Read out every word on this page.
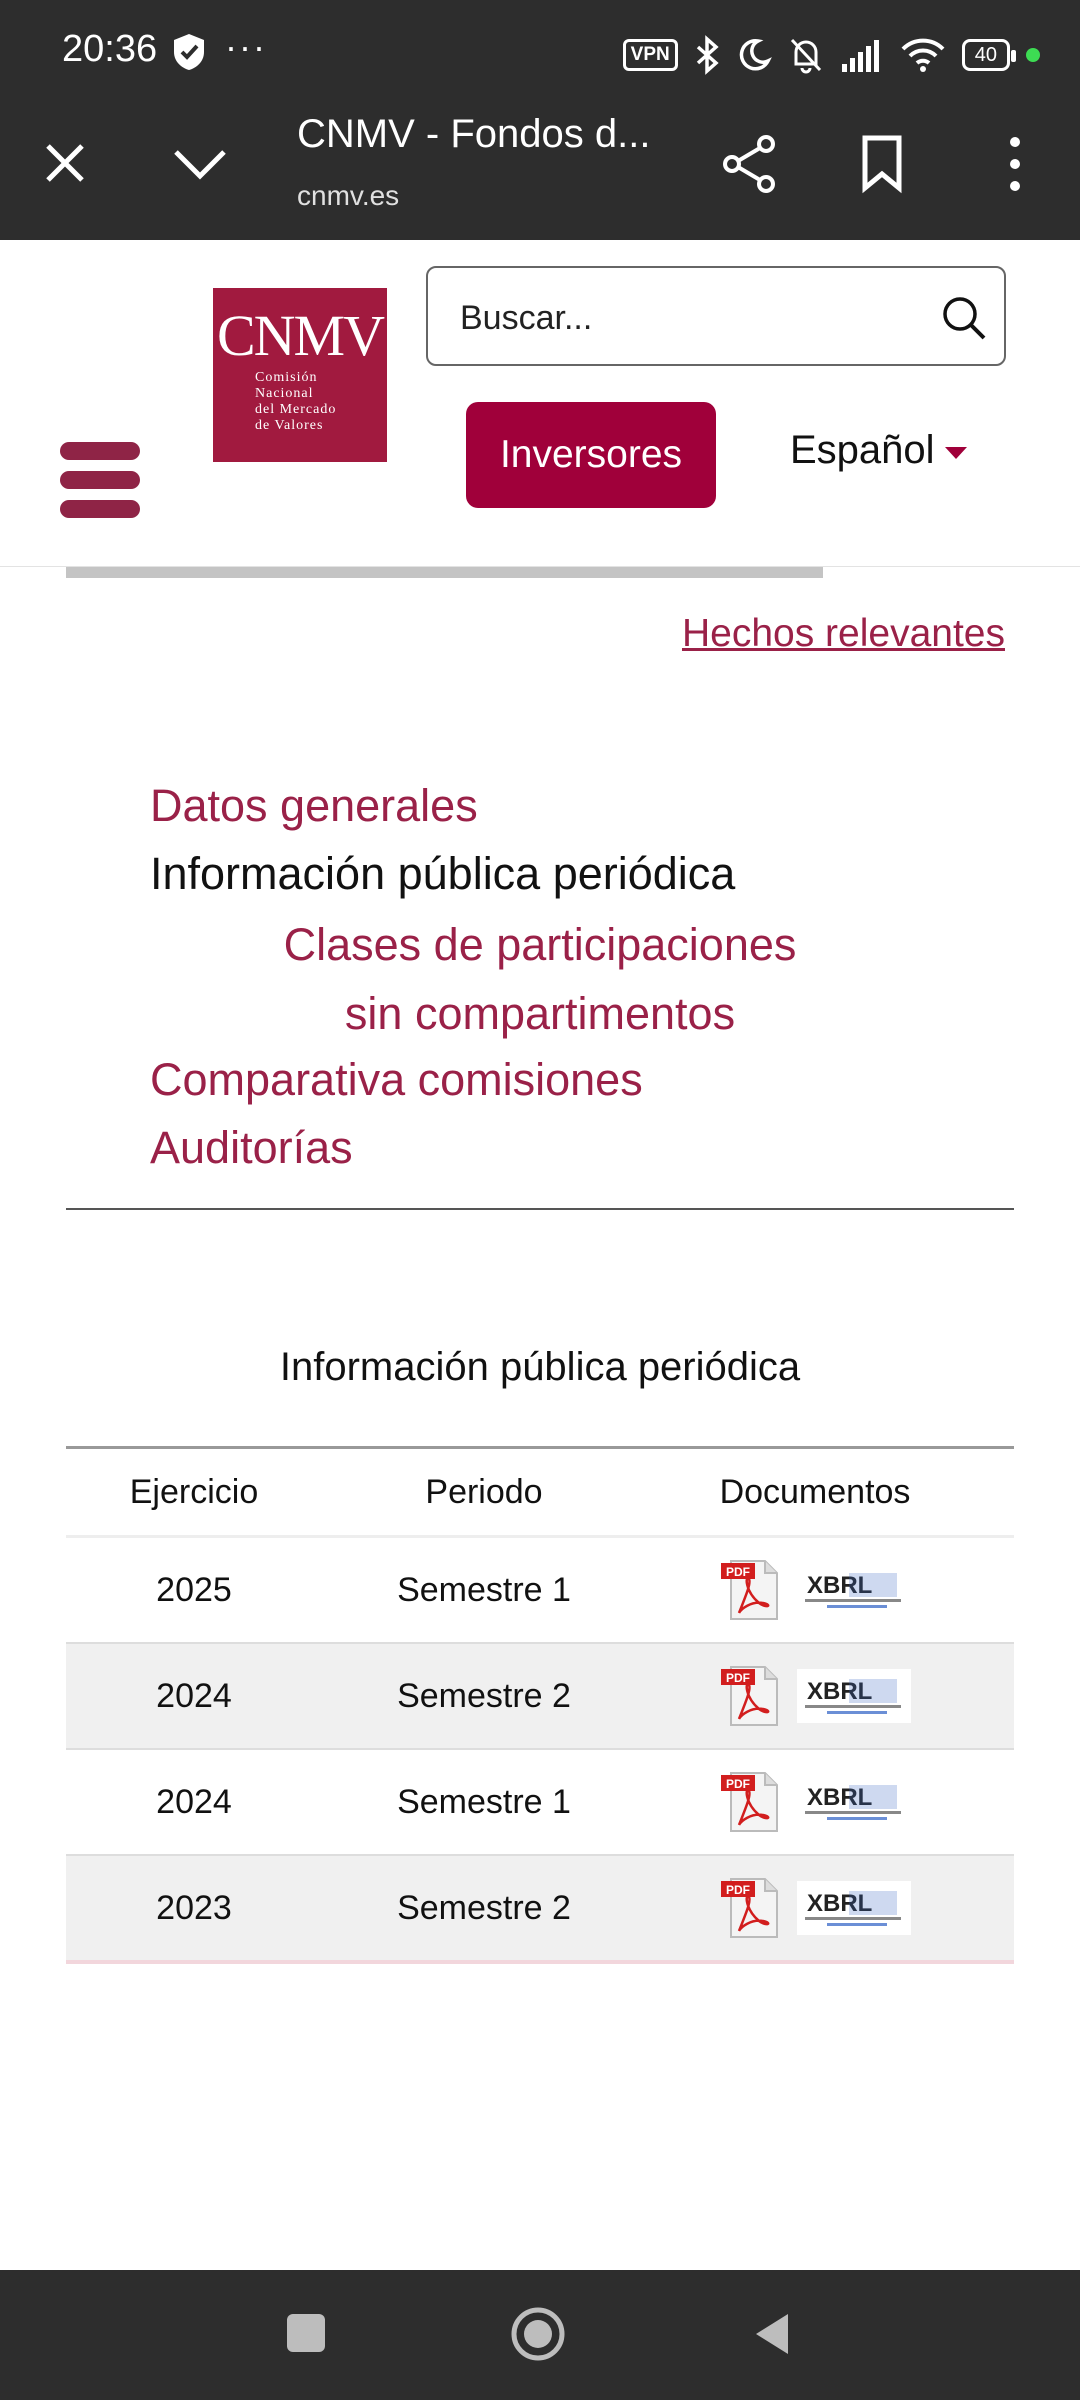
20:36 ···	VPN	40
CNMV - Fondos d...
cnmv.es
CNMV
Comisión
Nacional
del Mercado
de Valores
Buscar...
Inversores	Español
Hechos relevantes
Datos generales
Información pública periódica
Clases de participaciones sin compartimentos
Comparativa comisiones
Auditorías
Información pública periódica
Ejercicio	Periodo	Documentos
2025	Semestre 1	PDF XBRL
2024	Semestre 2	PDF XBRL
2024	Semestre 1	PDF XBRL
2023	Semestre 2	PDF XBRL
